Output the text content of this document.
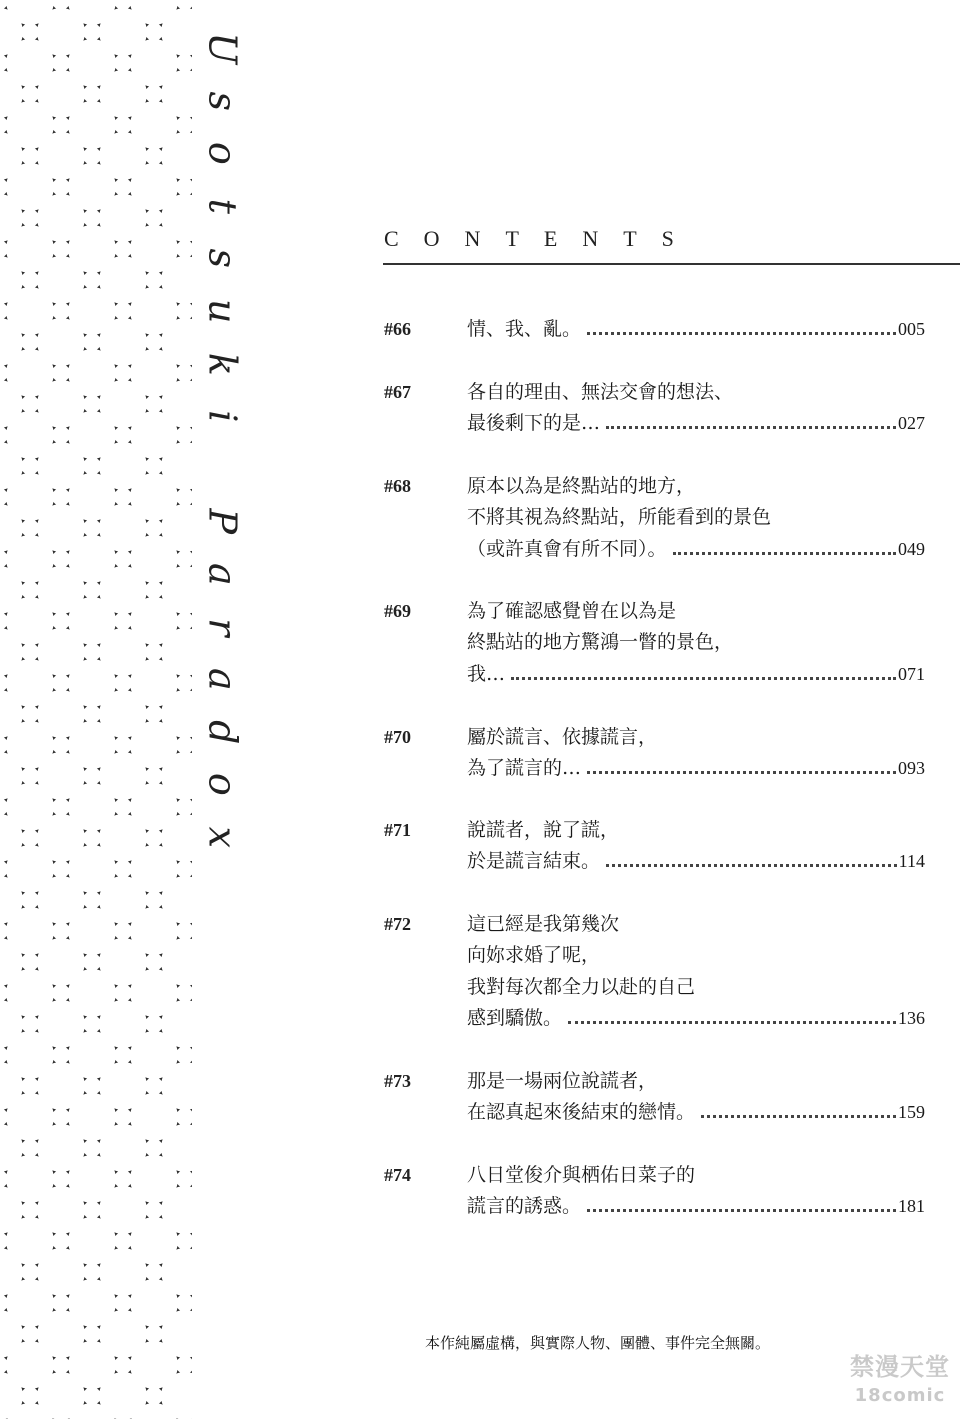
U
s
o
t
s
u
k
i

P
a
r
a
d
o
x
CONTENTS
#66	情、我、亂。	005
#67	各自的理由、無法交會的想法、
最後剩下的是…	027
#68	原本以為是終點站的地方，
不將其視為終點站，所能看到的景色
（或許真會有所不同）。	049
#69	為了確認感覺曾在以為是
終點站的地方驚鴻一瞥的景色，
我…	071
#70	屬於謊言、依據謊言，
為了謊言的…	093
#71	說謊者，說了謊，
於是謊言結束。	114
#72	這已經是我第幾次
向妳求婚了呢，
我對每次都全力以赴的自己
感到驕傲。	136
#73	那是一場兩位說謊者，
在認真起來後結束的戀情。	159
#74	八日堂俊介與栖佑日菜子的
謊言的誘惑。	181
本作純屬虛構，與實際人物、團體、事件完全無關。
禁漫天堂
18comic
